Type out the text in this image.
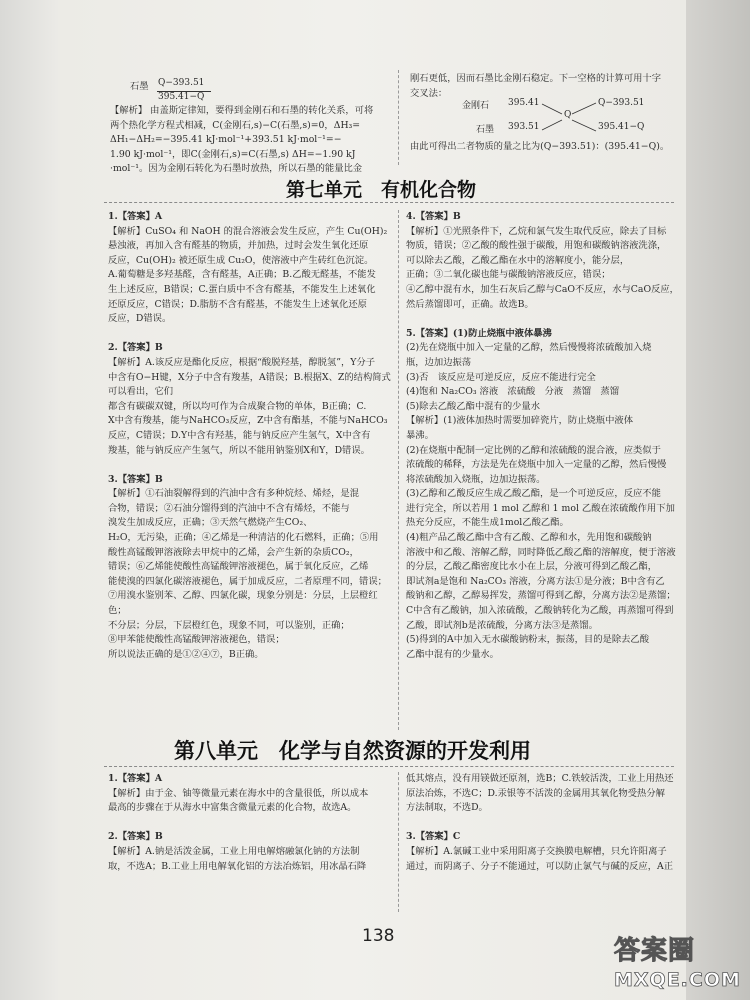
石墨 Q−393.51
395.41−Q

【解析】 由盖斯定律知，要得到金刚石和石墨的转化关系，可将

两个热化学方程式相减，C(金刚石,s)−C(石墨,s)=0，ΔH₃=

ΔH₁−ΔH₂=−395.41 kJ·mol⁻¹+393.51 kJ·mol⁻¹=−

1.90 kJ·mol⁻¹，即C(金刚石,s)=C(石墨,s) ΔH=−1.90 kJ

·mol⁻¹。因为金刚石转化为石墨时放热，所以石墨的能量比金

刚石更低，因而石墨比金刚石稳定。下一空格的计算可用十字

交叉法：

金刚石 395.41	Q−393.51
Q
石墨 393.51	395.41−Q
由此可得出二者物质的量之比为(Q−393.51)：(395.41−Q)。
第七单元　有机化合物

1.【答案】A

【解析】CuSO₄ 和 NaOH 的混合溶液会发生反应，产生 Cu(OH)₂

悬浊液，再加入含有醛基的物质，并加热，过时会发生氧化还原

反应，Cu(OH)₂ 被还原生成 Cu₂O，使溶液中产生砖红色沉淀。

A.葡萄糖是多羟基醛，含有醛基，A正确；B.乙酸无醛基，不能发

生上述反应，B错误；C.蛋白质中不含有醛基，不能发生上述氧化

还原反应，C错误；D.脂肪不含有醛基，不能发生上述氧化还原

反应，D错误。

2.【答案】B

【解析】A.该反应是酯化反应，根据“酸脱羟基，醇脱氢”，Y分子

中含有O−H键，X分子中含有羧基，A错误；B.根据X、Z的结构简式可以看出，它们

都含有碳碳双键，所以均可作为合成聚合物的单体，B正确；C.

X中含有羧基，能与NaHCO₃反应，Z中含有酯基，不能与NaHCO₃

反应，C错误；D.Y中含有羟基，能与钠反应产生氢气，X中含有

羧基，能与钠反应产生氢气，所以不能用钠鉴别X和Y，D错误。

3.【答案】B

【解析】①石油裂解得到的汽油中含有多种烷烃、烯烃，是混

合物，错误；②石油分馏得到的汽油中不含有烯烃，不能与

溴发生加成反应，正确；③天然气燃烧产生CO₂、

H₂O，无污染，正确；④乙烯是一种清洁的化石燃料，正确；⑤用

酸性高锰酸钾溶液除去甲烷中的乙烯，会产生新的杂质CO₂，

错误；⑥乙烯能使酸性高锰酸钾溶液褪色，属于氧化反应，乙烯

能使溴的四氯化碳溶液褪色，属于加成反应，二者原理不同，错误；

⑦用溴水鉴别苯、乙醇、四氯化碳，现象分别是：分层，上层橙红色；

不分层；分层，下层橙红色，现象不同，可以鉴别，正确；

⑧甲苯能使酸性高锰酸钾溶液褪色，错误；

所以说法正确的是①②④⑦，B正确。

4.【答案】B

【解析】①光照条件下，乙烷和氯气发生取代反应，除去了目标

物质，错误；②乙酸的酸性强于碳酸，用饱和碳酸钠溶液洗涤，

可以除去乙酸，乙酸乙酯在水中的溶解度小，能分层，

正确；③二氧化碳也能与碳酸钠溶液反应，错误；

④乙醇中混有水，加生石灰后乙醇与CaO不反应，水与CaO反应，

然后蒸馏即可，正确。故选B。

5.【答案】(1)防止烧瓶中液体暴沸

(2)先在烧瓶中加入一定量的乙醇，然后慢慢将浓硫酸加入烧

瓶，边加边振荡

(3)否　该反应是可逆反应，反应不能进行完全

(4)饱和 Na₂CO₃ 溶液　浓硫酸　分液　蒸馏　蒸馏

(5)除去乙酸乙酯中混有的少量水

【解析】(1)液体加热时需要加碎瓷片，防止烧瓶中液体

暴沸。

(2)在烧瓶中配制一定比例的乙醇和浓硫酸的混合液，应类似于

浓硫酸的稀释，方法是先在烧瓶中加入一定量的乙醇，然后慢慢

将浓硫酸加入烧瓶，边加边振荡。

(3)乙醇和乙酸反应生成乙酸乙酯，是一个可逆反应，反应不能

进行完全，所以若用 1 mol 乙醇和 1 mol 乙酸在浓硫酸作用下加

热充分反应，不能生成1mol乙酸乙酯。

(4)粗产品乙酸乙酯中含有乙酸、乙醇和水，先用饱和碳酸钠

溶液中和乙酸、溶解乙醇，同时降低乙酸乙酯的溶解度，便于溶液

的分层，乙酸乙酯密度比水小在上层，分液可得到乙酸乙酯，

即试剂a是饱和 Na₂CO₃ 溶液，分离方法①是分液；B中含有乙

酸钠和乙醇，乙醇易挥发，蒸馏可得到乙醇，分离方法②是蒸馏；

C中含有乙酸钠，加入浓硫酸，乙酸钠转化为乙酸，再蒸馏可得到

乙酸，即试剂b是浓硫酸，分离方法③是蒸馏。

(5)得到的A中加入无水碳酸钠粉末，振荡，目的是除去乙酸

乙酯中混有的少量水。

第八单元　化学与自然资源的开发利用

1.【答案】A

【解析】由于金、铀等微量元素在海水中的含量很低，所以成本

最高的步骤在于从海水中富集含微量元素的化合物，故选A。

2.【答案】B

【解析】A.钠是活泼金属，工业上用电解熔融氯化钠的方法制

取，不选A；B.工业上用电解氧化铝的方法冶炼铝，用冰晶石降

低其熔点，没有用镁做还原剂，选B；C.铁较活泼，工业上用热还

原法冶炼，不选C；D.汞银等不活泼的金属用其氧化物受热分解

方法制取，不选D。

3.【答案】C

【解析】A.氯碱工业中采用阳离子交换膜电解槽，只允许阳离子

通过，而阴离子、分子不能通过，可以防止氯气与碱的反应，A正

138	答案圈
MXQE.COM
